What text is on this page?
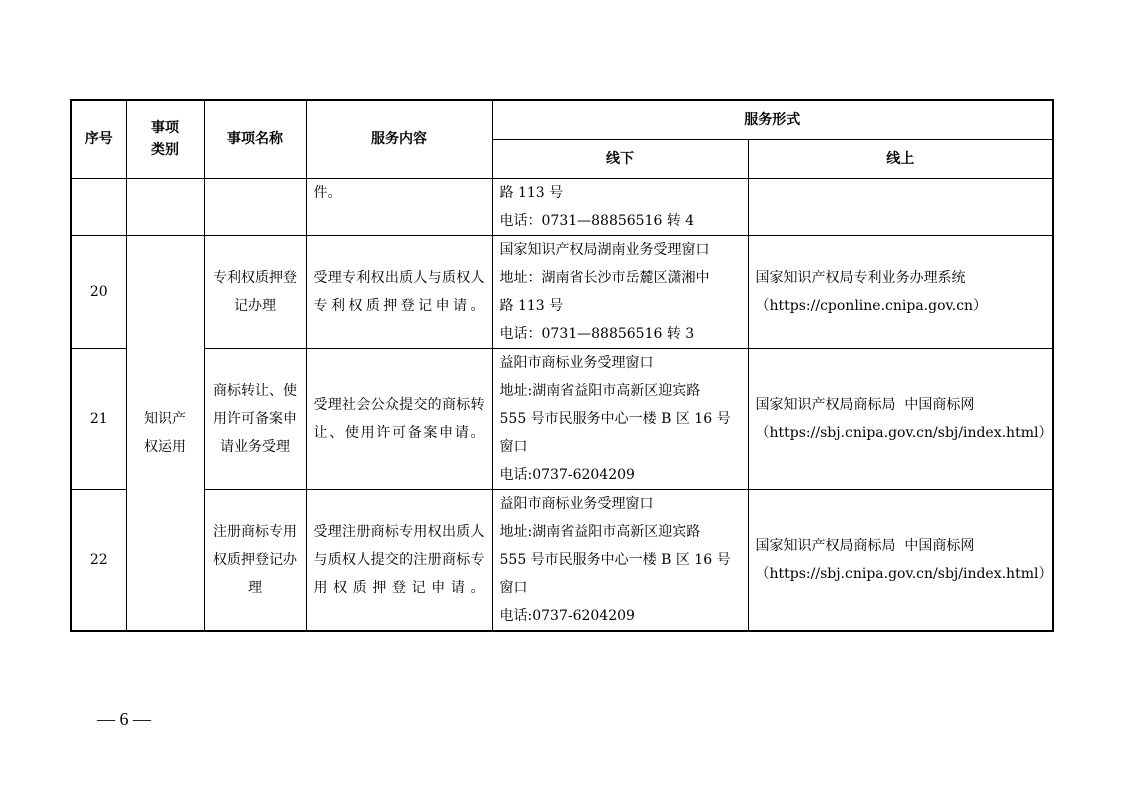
序号	事项类别	事项名称	服务内容	服务形式	
				线下	线上
			件。	路 113 号
电话：0731—88856516 转 4	

20	知识产权运用	专利权质押登记办理	受理专利权出质人与质权人专利权质押登记申请。	国家知识产权局湖南业务受理窗口
地址：湖南省长沙市岳麓区潇湘中
路 113 号
电话：0731—88856516 转 3	国家知识产权局专利业务办理系统
（https://cponline.cnipa.gov.cn）

21		商标转让、使用许可备案申请业务受理	受理社会公众提交的商标转让、使用许可备案申请。	益阳市商标业务受理窗口
地址:湖南省益阳市高新区迎宾路
555 号市民服务中心一楼 B 区 16 号
窗口
电话:0737-6204209	国家知识产权局商标局  中国商标网
（https://sbj.cnipa.gov.cn/sbj/index.html）

22		注册商标专用权质押登记办理	受理注册商标专用权出质人与质权人提交的注册商标专用权质押登记申请。	益阳市商标业务受理窗口
地址:湖南省益阳市高新区迎宾路
555 号市民服务中心一楼 B 区 16 号
窗口
电话:0737-6204209	国家知识产权局商标局  中国商标网
（https://sbj.cnipa.gov.cn/sbj/index.html）
— 6 —
